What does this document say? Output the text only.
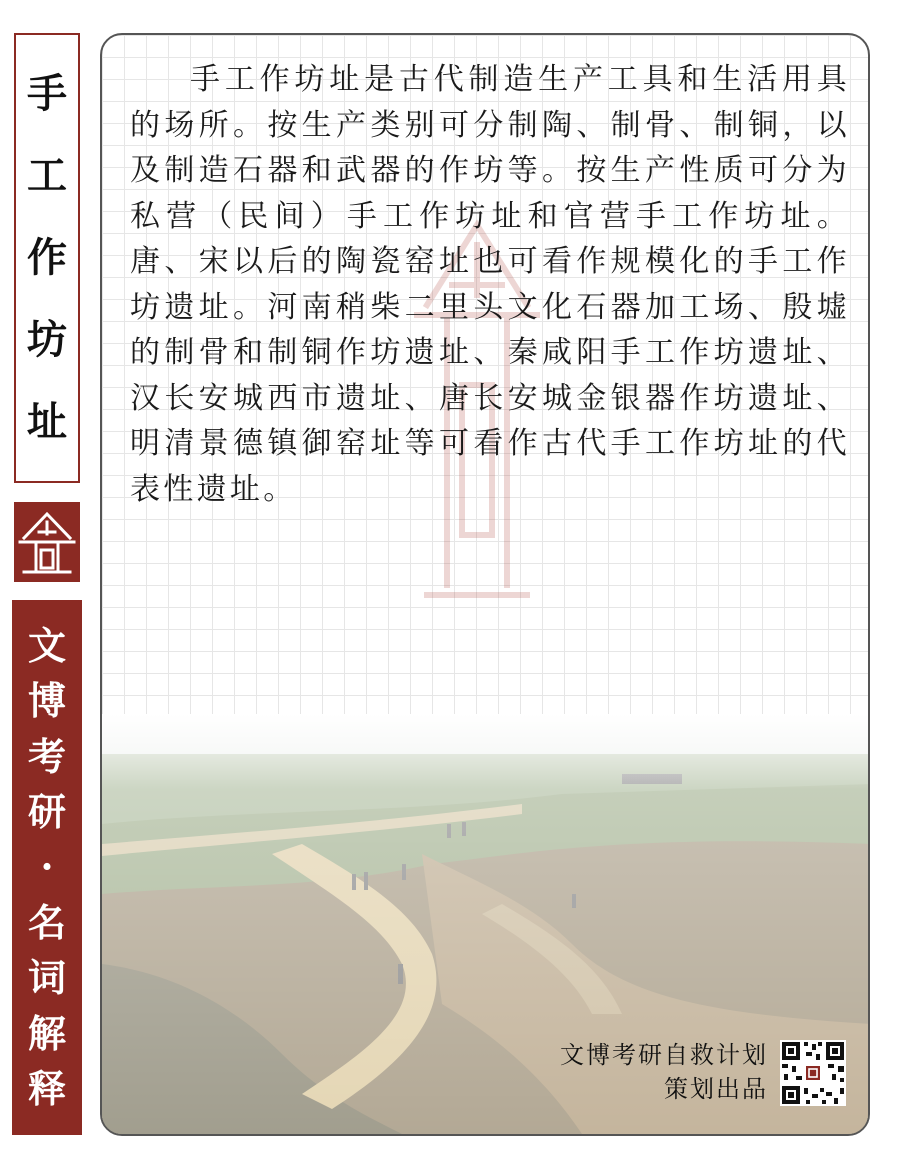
手
工
作
坊
址
文
博
考
研
·
名
词
解
释

手工作坊址是古代制造生产工具和生活用具的场所。按生产类别可分制陶、制骨、制铜，以及制造石器和武器的作坊等。按生产性质可分为私营（民间）手工作坊址和官营手工作坊址。唐、宋以后的陶瓷窑址也可看作规模化的手工作坊遗址。河南稍柴二里头文化石器加工场、殷墟的制骨和制铜作坊遗址、秦咸阳手工作坊遗址、汉长安城西市遗址、唐长安城金银器作坊遗址、明清景德镇御窑址等可看作古代手工作坊址的代表性遗址。

文博考研自救计划
策划出品
